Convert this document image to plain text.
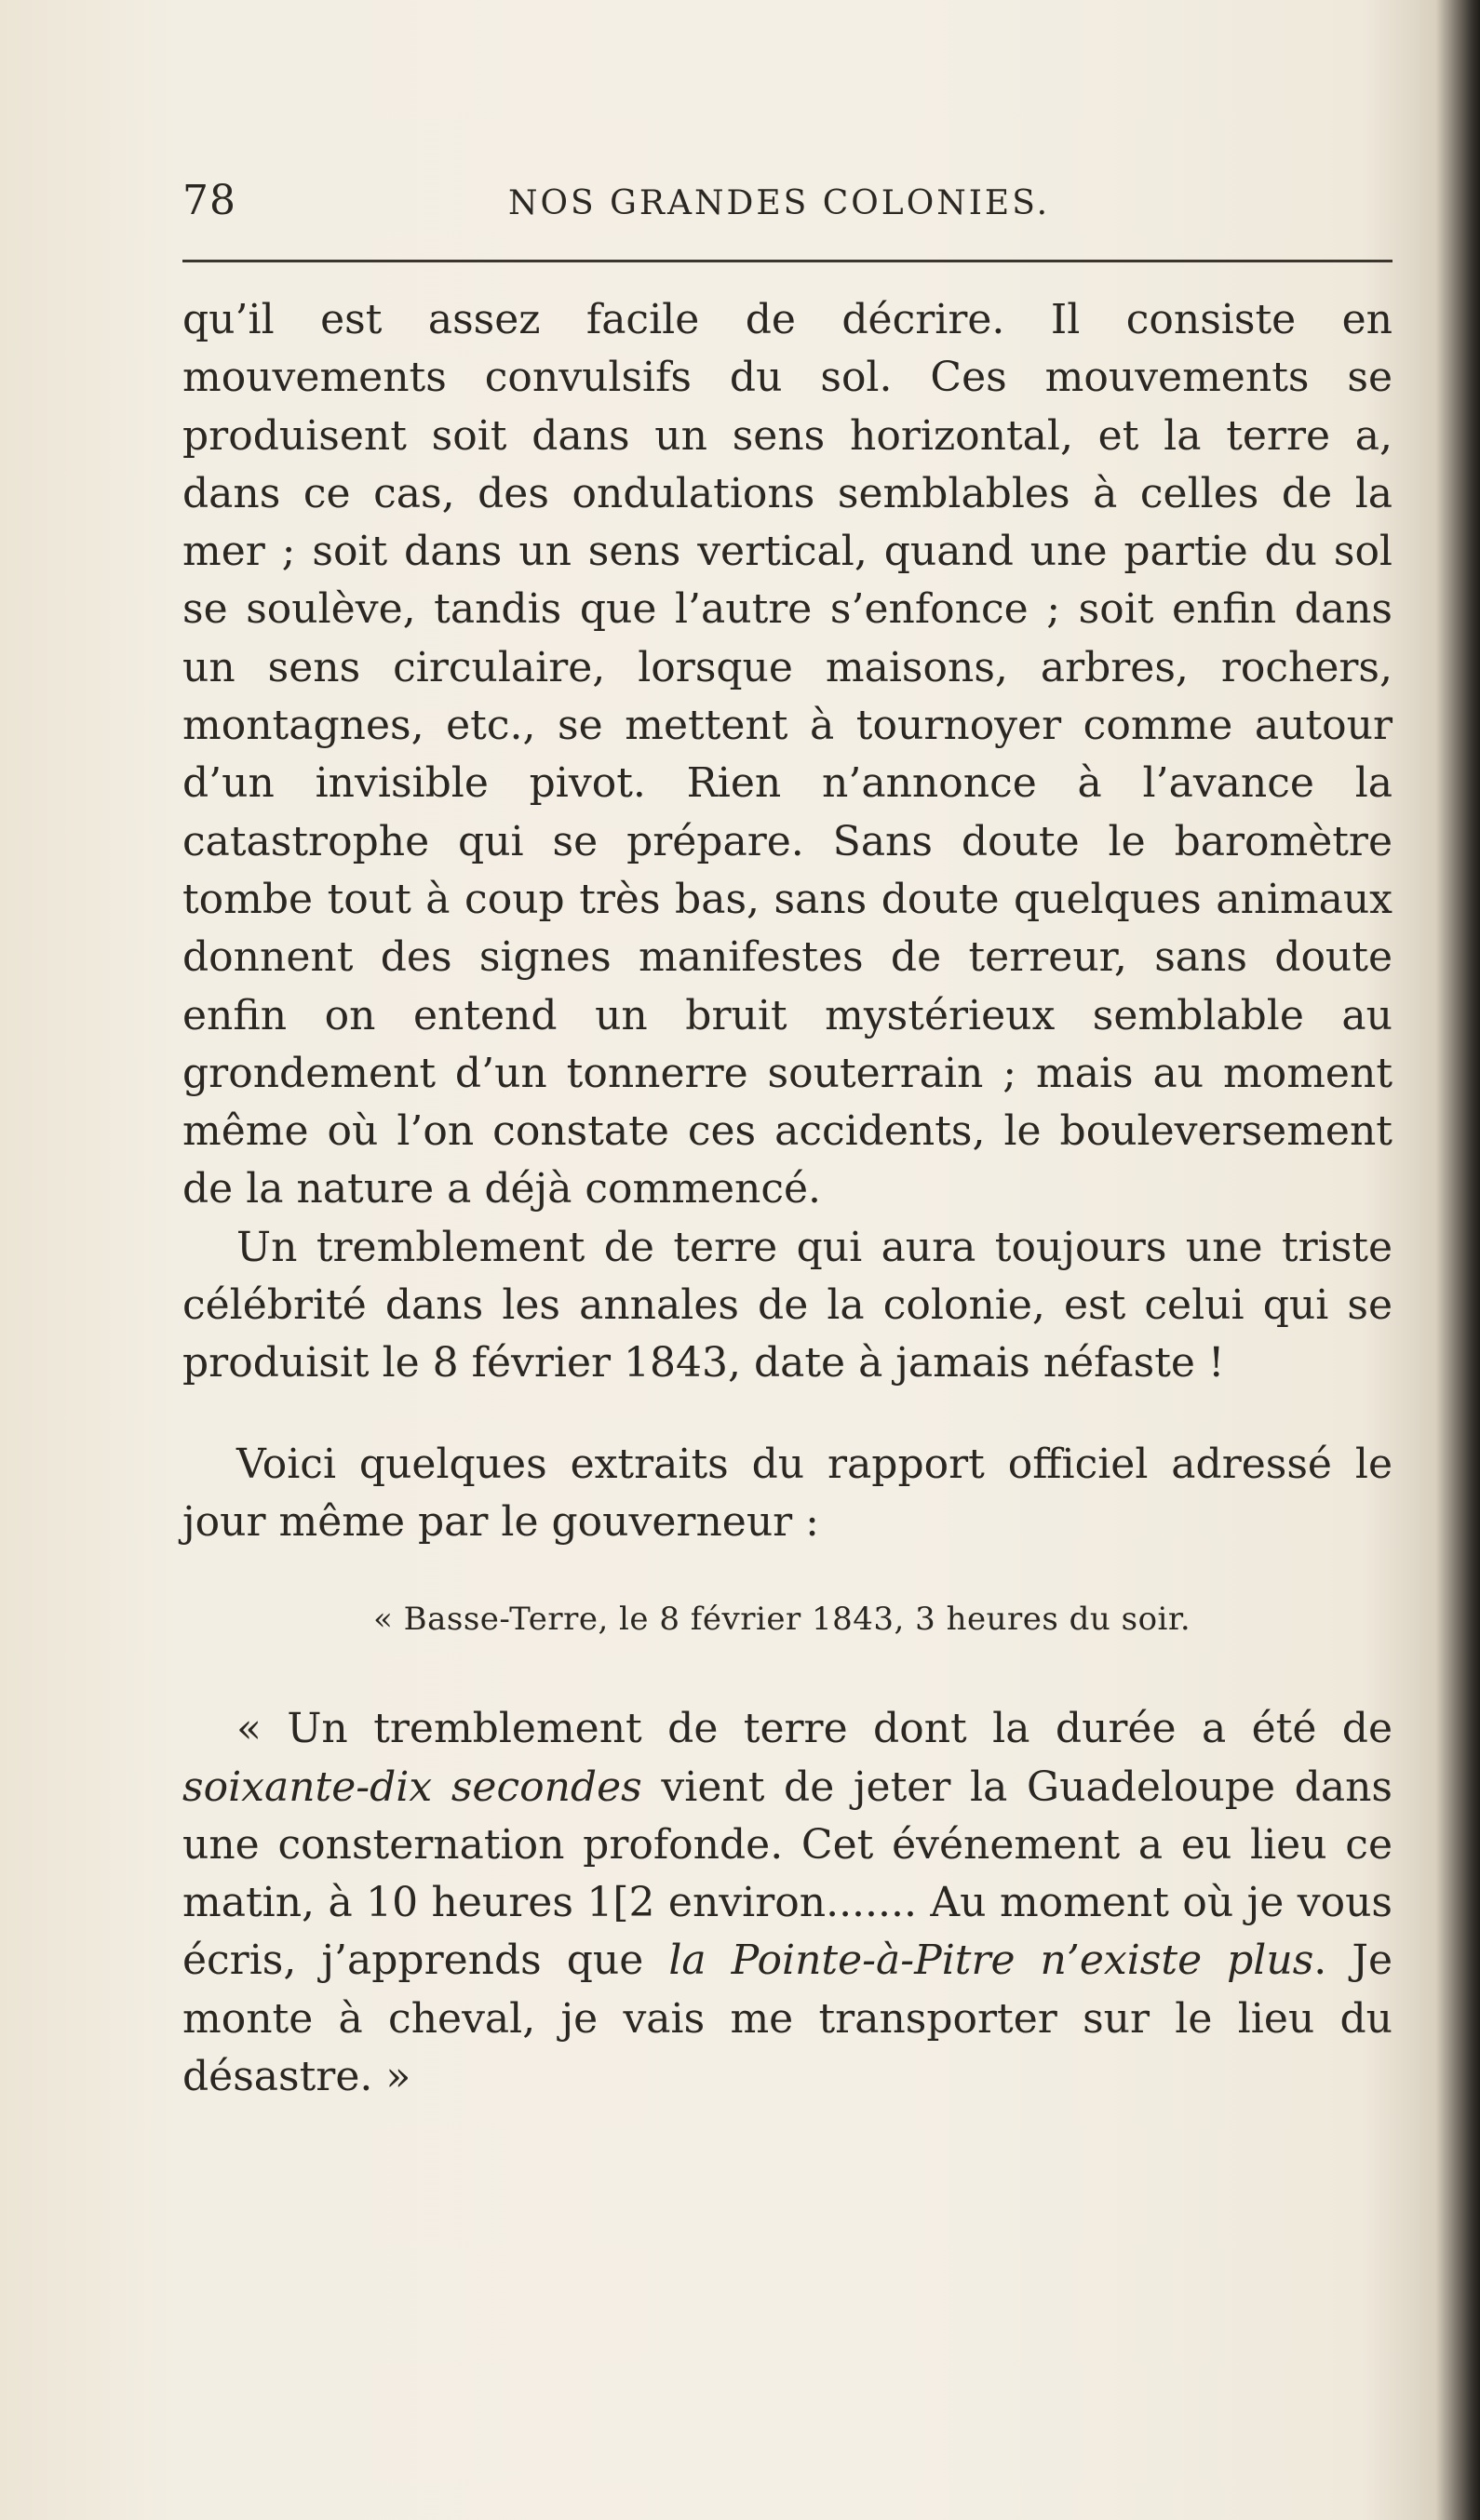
78	NOS GRANDES COLONIES.

qu’il est assez facile de décrire. Il consiste en mouvements convulsifs du sol. Ces mouvements se produisent soit dans un sens horizontal, et la terre a, dans ce cas, des ondulations semblables à celles de la mer ; soit dans un sens vertical, quand une partie du sol se soulève, tandis que l’autre s’enfonce ; soit enfin dans un sens circulaire, lorsque maisons, arbres, rochers, montagnes, etc., se mettent à tournoyer comme autour d’un invisible pivot. Rien n’annonce à l’avance la catastrophe qui se prépare. Sans doute le baromètre tombe tout à coup très bas, sans doute quelques animaux donnent des signes manifestes de terreur, sans doute enfin on entend un bruit mystérieux semblable au grondement d’un tonnerre souterrain ; mais au moment même où l’on constate ces accidents, le bouleversement de la nature a déjà commencé.

Un tremblement de terre qui aura toujours une triste célébrité dans les annales de la colonie, est celui qui se produisit le 8 février 1843, date à jamais néfaste !

Voici quelques extraits du rapport officiel adressé le jour même par le gouverneur :

« Basse-Terre, le 8 février 1843, 3 heures du soir.

« Un tremblement de terre dont la durée a été de soixante-dix secondes vient de jeter la Guadeloupe dans une consternation profonde. Cet événement a eu lieu ce matin, à 10 heures 1[2 environ....... Au moment où je vous écris, j’apprends que la Pointe-à-Pitre n’existe plus. Je monte à cheval, je vais me transporter sur le lieu du désastre. »
